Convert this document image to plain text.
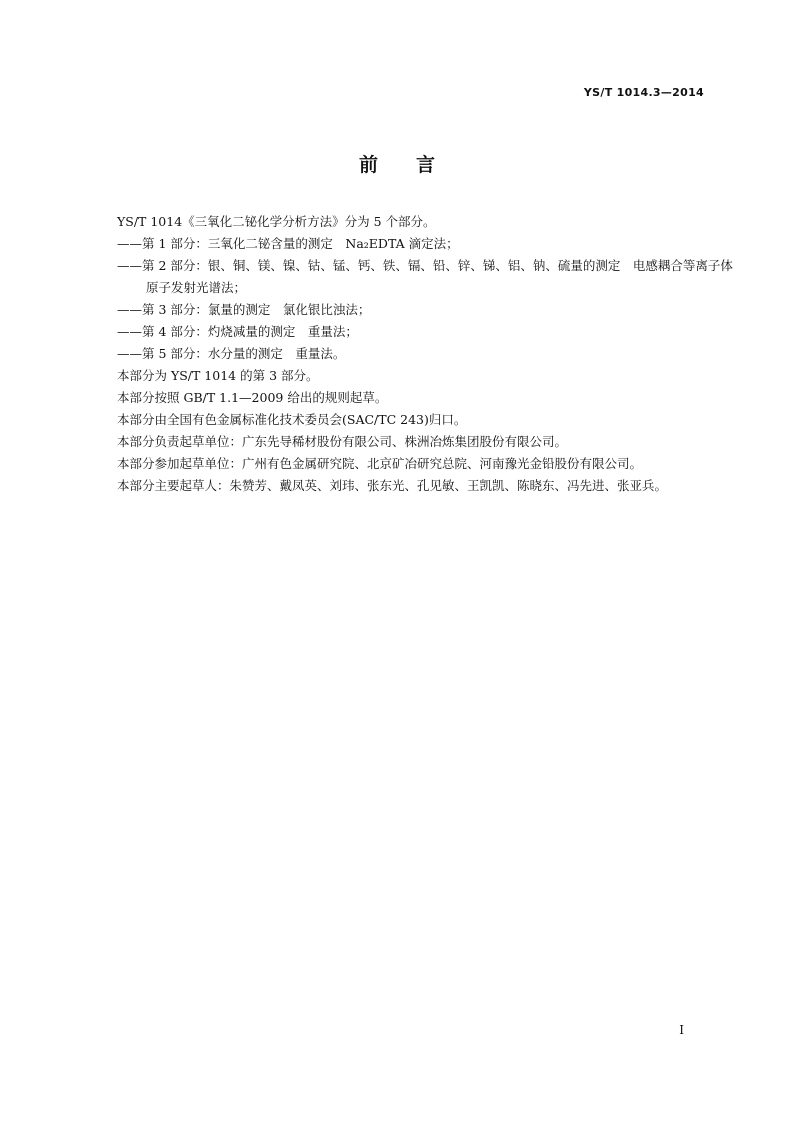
YS/T 1014.3—2014
前言
YS/T 1014《三氧化二铋化学分析方法》分为 5 个部分。
——第 1 部分：三氧化二铋含量的测定　Na₂EDTA 滴定法；
——第 2 部分：银、铜、镁、镍、钴、锰、钙、铁、镉、铅、锌、锑、铝、钠、硫量的测定　电感耦合等离子体
原子发射光谱法；
——第 3 部分：氯量的测定　氯化银比浊法；
——第 4 部分：灼烧减量的测定　重量法；
——第 5 部分：水分量的测定　重量法。
本部分为 YS/T 1014 的第 3 部分。
本部分按照 GB/T 1.1—2009 给出的规则起草。
本部分由全国有色金属标准化技术委员会(SAC/TC 243)归口。
本部分负责起草单位：广东先导稀材股份有限公司、株洲冶炼集团股份有限公司。
本部分参加起草单位：广州有色金属研究院、北京矿冶研究总院、河南豫光金铅股份有限公司。
本部分主要起草人：朱赞芳、戴凤英、刘玮、张东光、孔见敏、王凯凯、陈晓东、冯先进、张亚兵。
I
